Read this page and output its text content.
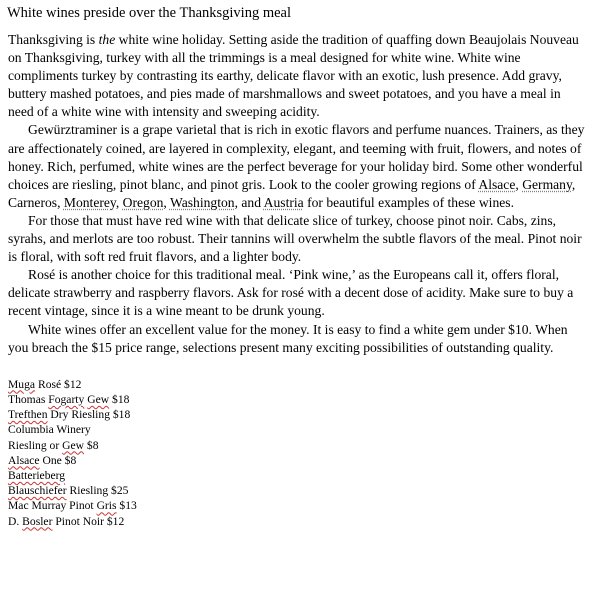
White wines preside over the Thanksgiving meal

Thanksgiving is the white wine holiday. Setting aside the tradition of quaffing down Beaujolais Nouveau on Thanksgiving, turkey with all the trimmings is a meal designed for white wine. White wine compliments turkey by contrasting its earthy, delicate flavor with an exotic, lush presence. Add gravy, buttery mashed potatoes, and pies made of marshmallows and sweet potatoes, and you have a meal in need of a white wine with intensity and sweeping acidity.

Gewürztraminer is a grape varietal that is rich in exotic flavors and perfume nuances. Trainers, as they are affectionately coined, are layered in complexity, elegant, and teeming with fruit, flowers, and notes of honey. Rich, perfumed, white wines are the perfect beverage for your holiday bird. Some other wonderful choices are riesling, pinot blanc, and pinot gris. Look to the cooler growing regions of Alsace, Germany, Carneros, Monterey, Oregon, Washington, and Austria for beautiful examples of these wines.

For those that must have red wine with that delicate slice of turkey, choose pinot noir. Cabs, zins, syrahs, and merlots are too robust. Their tannins will overwhelm the subtle flavors of the meal. Pinot noir is floral, with soft red fruit flavors, and a lighter body.

Rosé is another choice for this traditional meal. ‘Pink wine,’ as the Europeans call it, offers floral, delicate strawberry and raspberry flavors. Ask for rosé with a decent dose of acidity. Make sure to buy a recent vintage, since it is a wine meant to be drunk young.

White wines offer an excellent value for the money. It is easy to find a white gem under $10. When you breach the $15 price range, selections present many exciting possibilities of outstanding quality.

Muga Rosé $12
Thomas Fogarty Gew $18
Trefthen Dry Riesling $18
Columbia Winery
Riesling or Gew $8
Alsace One $8
Batterieberg
Blauschiefer Riesling $25
Mac Murray Pinot Gris $13
D. Bosler Pinot Noir $12
